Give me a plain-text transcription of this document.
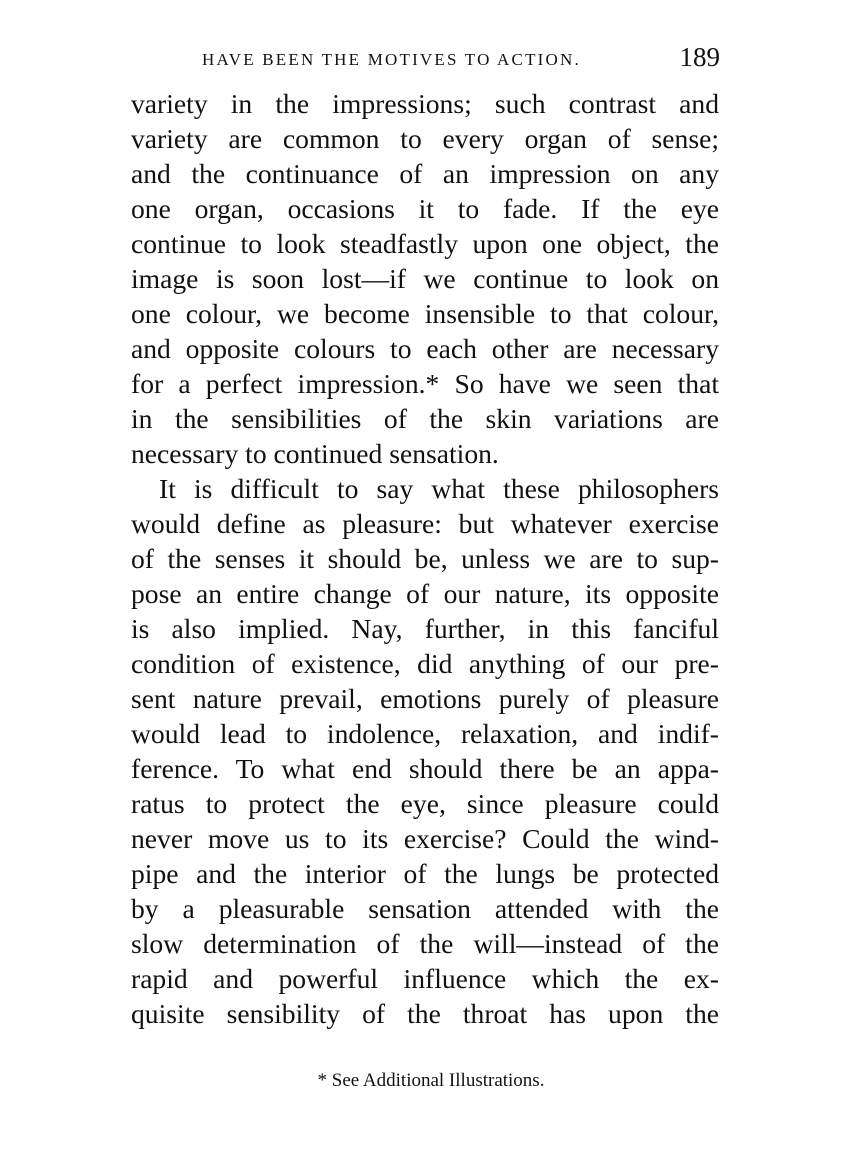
HAVE BEEN THE MOTIVES TO ACTION.	189
variety in the impressions; such contrast and
variety are common to every organ of sense;
and the continuance of an impression on any
one organ, occasions it to fade. If the eye
continue to look steadfastly upon one object, the
image is soon lost—if we continue to look on
one colour, we become insensible to that colour,
and opposite colours to each other are necessary
for a perfect impression.* So have we seen that
in the sensibilities of the skin variations are
necessary to continued sensation.
It is difficult to say what these philosophers
would define as pleasure: but whatever exercise
of the senses it should be, unless we are to sup-
pose an entire change of our nature, its opposite
is also implied. Nay, further, in this fanciful
condition of existence, did anything of our pre-
sent nature prevail, emotions purely of pleasure
would lead to indolence, relaxation, and indif-
ference. To what end should there be an appa-
ratus to protect the eye, since pleasure could
never move us to its exercise? Could the wind-
pipe and the interior of the lungs be protected
by a pleasurable sensation attended with the
slow determination of the will—instead of the
rapid and powerful influence which the ex-
quisite sensibility of the throat has upon the
* See Additional Illustrations.
